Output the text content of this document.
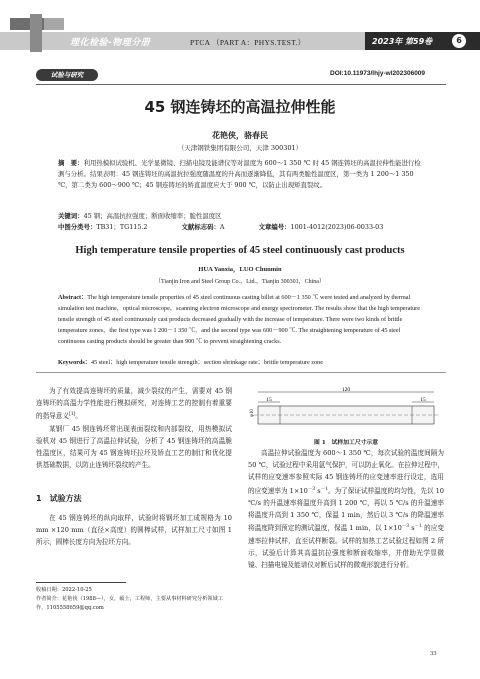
理化检验-物理分册	PTCA （PART A：PHYS.TEST.）	2023年 第59卷	6
试验与研究	DOI:10.11973/lhjy-wl202306009
45 钢连铸坯的高温拉伸性能
花艳侠，骆春民
（天津钢铁集团有限公司，天津 300301）
摘　要：利用热模拟试验机、光学显微镜、扫描电镜及能谱仪等对温度为 600～1 350 ℃ 时 45 钢连铸坯的高温拉伸性能进行检测与分析。结果表明：45 钢连铸坯的高温抗拉强度随温度的升高而逐渐降低，其有两类脆性温度区，第一类为 1 200～1 350 ℃，第二类为 600～900 ℃；45 钢连铸坯的矫直温度应大于 900 ℃，以防止出现矫直裂纹。
关键词：45 钢；高温抗拉强度；断面收缩率；脆性温度区
中图分类号：TB31；TG115.2	文献标志码：A	文章编号：1001-4012(2023)06-0033-03
High temperature tensile properties of 45 steel continuously cast products
HUA Yanxia，LUO Chunmin
（Tianjin Iron and Steel Group Co.，Ltd.，Tianjin 300301，China）
Abstract：The high temperature tensile properties of 45 steel continuous casting billet at 600－1 350 ℃ were tested and analyzed by thermal simulation test machine，optical microscope，scanning electron microscope and energy spectrometer. The results show that the high temperature tensile strength of 45 steel continuously cast products decreased gradually with the increase of temperature. There were two kinds of brittle temperature zones，the first type was 1 200－1 350 ℃，and the second type was 600－900 ℃. The straightening temperature of 45 steel continuous casting products should be greater than 900 ℃ to prevent straightening cracks.
Keywords：45 steel；high temperature tensile strength；section shrinkage rate；brittle temperature zone

为了有效提高连铸坯的质量，减少裂纹的产生，需要对 45 钢连铸坯的高温力学性能进行模拟研究，对连铸工艺的控制有着重要的指导意义[1]。

某钢厂 45 钢连铸坯常出现表面裂纹和内部裂纹，用热模拟试验机对 45 钢进行了高温拉伸试验，分析了 45 钢连铸坯的高温脆性温度区，结果可为 45 钢连铸坯拉坯及矫直工艺的制订和优化提供基础数据，以防止连铸坯裂纹的产生。

1　试验方法

在 45 钢连铸坯的纵向取样，试验时将钢坯加工成规格为 10 mm ×120 mm（直径×高度）的圆棒试样，试样加工尺寸如图 1 所示，圆棒长度方向为拉坯方向。

收稿日期：2022-10-25
作者简介：花艳侠（1988—），女，硕士，工程师，主要从事材料研究分析领域工作，1105558659@qq.com
120
15	15
φ10
图 1　试样加工尺寸示意

高温拉伸试验温度为 600～1 350 ℃，每次试验的温度间隔为 50 ℃，试验过程中采用氩气保护，可以防止氧化。在拉伸过程中，试样的应变速率参照实际 45 钢连铸坯的应变速率进行设定，选用的应变速率为 $1\times 10^{-3}$ $s^{-1}$。为了保证试样温度的均匀性，先以 10 ℃/s 的升温速率将温度升高到 1 200 ℃，再以 5 ℃/s 的升温速率将温度升高到 1 350 ℃，保温 1 min，然后以 3 ℃/s 的降温速率将温度降到预定的测试温度，保温 1 min，以 $1\times 10^{-3}$ $s^{-1}$ 的应变速率拉伸试样，直至试样断裂。试样的加热工艺试验过程如图 2 所示，试验后计算其高温抗拉强度和断面收缩率，并借助光学显微镜、扫描电镜及能谱仪对断后试样的微观形貌进行分析。

33
